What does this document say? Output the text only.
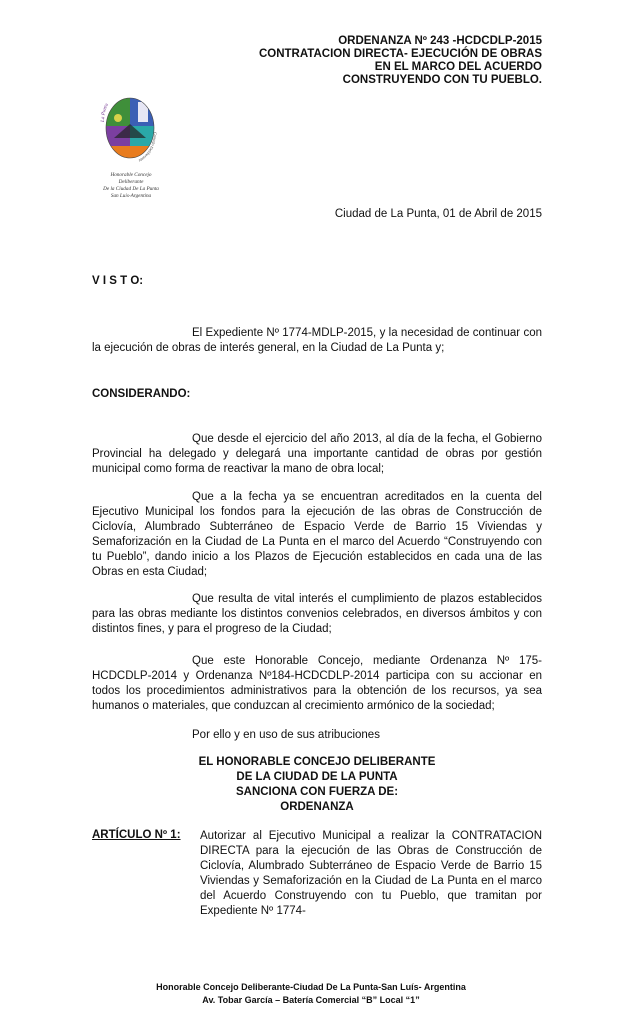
ORDENANZA Nº 243 -HCDCDLP-2015
CONTRATACION DIRECTA- EJECUCIÓN DE OBRAS
EN EL MARCO DEL ACUERDO
CONSTRUYENDO CON TU PUEBLO.
La Punta
Concejo Deliberante
Honorable Concejo Deliberante
De la Ciudad De La Punta
San Luis-Argentina
Ciudad de La Punta, 01 de Abril de 2015
V I S T O:

El Expediente Nº 1774-MDLP-2015, y la necesidad de continuar con la ejecución de obras de interés general, en la Ciudad de La Punta y;

CONSIDERANDO:

Que desde el ejercicio del año 2013, al día de la fecha, el Gobierno Provincial ha delegado y delegará una importante cantidad de obras por gestión municipal como forma de reactivar la mano de obra local;

Que a la fecha ya se encuentran acreditados en la cuenta del Ejecutivo Municipal los fondos para la ejecución de las obras de Construcción de Ciclovía, Alumbrado Subterráneo de Espacio Verde de Barrio 15 Viviendas y Semaforización en la Ciudad de La Punta en el marco del Acuerdo “Construyendo con tu Pueblo”, dando inicio a los Plazos de Ejecución establecidos en cada una de las Obras en esta Ciudad;

Que resulta de vital interés el cumplimiento de plazos establecidos para las obras mediante los distintos convenios celebrados, en diversos ámbitos y con distintos fines, y para el progreso de la Ciudad;

Que este Honorable Concejo, mediante Ordenanza Nº 175-HCDCDLP-2014 y Ordenanza Nº184-HCDCDLP-2014 participa con su accionar en todos los procedimientos administrativos para la obtención de los recursos, ya sea humanos o materiales, que conduzcan al crecimiento armónico de la sociedad;

Por ello y en uso de sus atribuciones

EL HONORABLE CONCEJO DELIBERANTE
DE LA CIUDAD DE LA PUNTA
SANCIONA CON FUERZA DE:
ORDENANZA
ARTÍCULO Nº 1: Autorizar al Ejecutivo Municipal a realizar la CONTRATACION DIRECTA para la ejecución de las Obras de Construcción de Ciclovía, Alumbrado Subterráneo de Espacio Verde de Barrio 15 Viviendas y Semaforización en la Ciudad de La Punta en el marco del Acuerdo Construyendo con tu Pueblo, que tramitan por Expediente Nº 1774-

Honorable Concejo Deliberante-Ciudad De La Punta-San Luís- Argentina
Av. Tobar García – Batería Comercial “B” Local “1”
